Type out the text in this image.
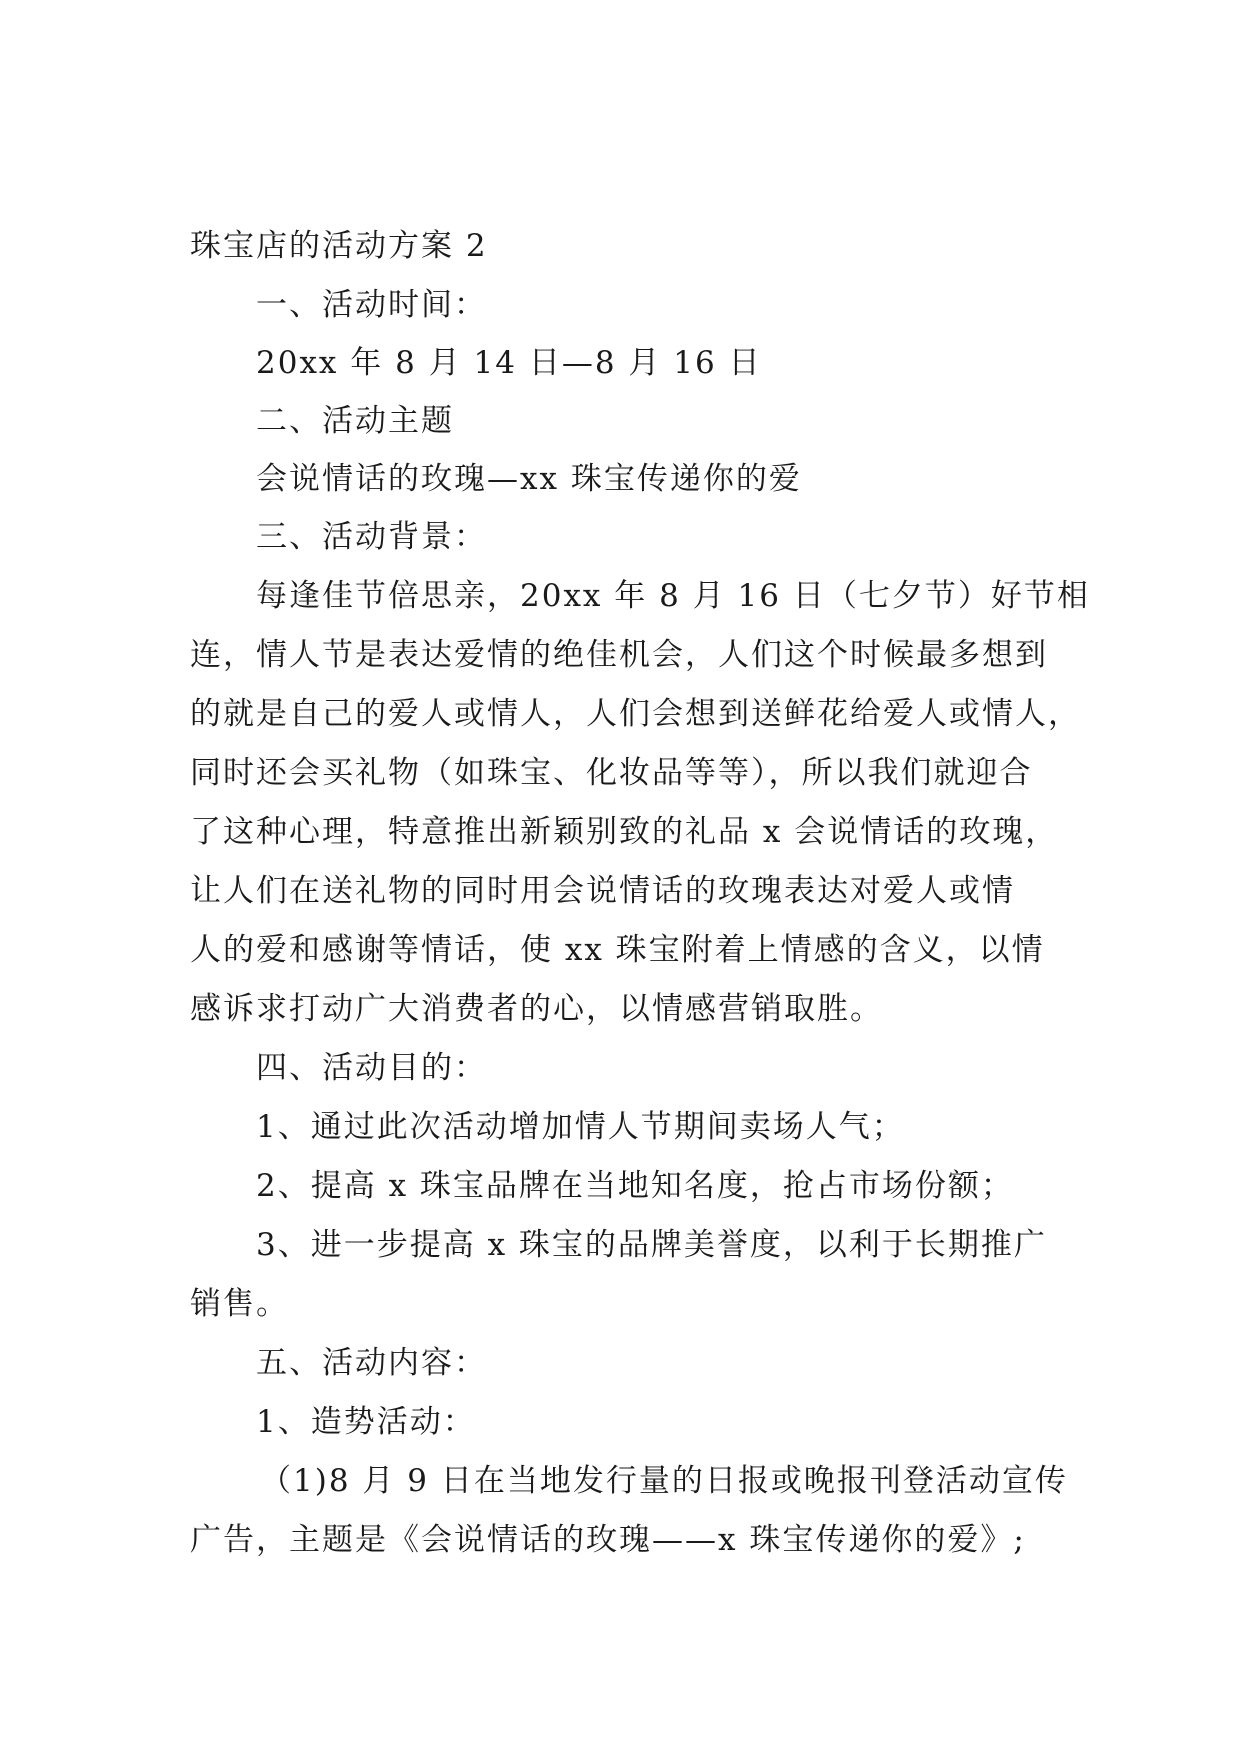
珠宝店的活动方案 2
一、活动时间：
20xx 年 8 月 14 日—8 月 16 日
二、活动主题
会说情话的玫瑰—xx 珠宝传递你的爱
三、活动背景：
每逢佳节倍思亲，20xx 年 8 月 16 日（七夕节）好节相
连，情人节是表达爱情的绝佳机会，人们这个时候最多想到
的就是自己的爱人或情人，人们会想到送鲜花给爱人或情人，
同时还会买礼物（如珠宝、化妆品等等），所以我们就迎合
了这种心理，特意推出新颖别致的礼品 x 会说情话的玫瑰，
让人们在送礼物的同时用会说情话的玫瑰表达对爱人或情
人的爱和感谢等情话，使 xx 珠宝附着上情感的含义，以情
感诉求打动广大消费者的心，以情感营销取胜。
四、活动目的：
1、通过此次活动增加情人节期间卖场人气；
2、提高 x 珠宝品牌在当地知名度，抢占市场份额；
3、进一步提高 x 珠宝的品牌美誉度，以利于长期推广
销售。
五、活动内容：
1、造势活动：
（1)8 月 9 日在当地发行量的日报或晚报刊登活动宣传
广告，主题是《会说情话的玫瑰——x 珠宝传递你的爱》;
